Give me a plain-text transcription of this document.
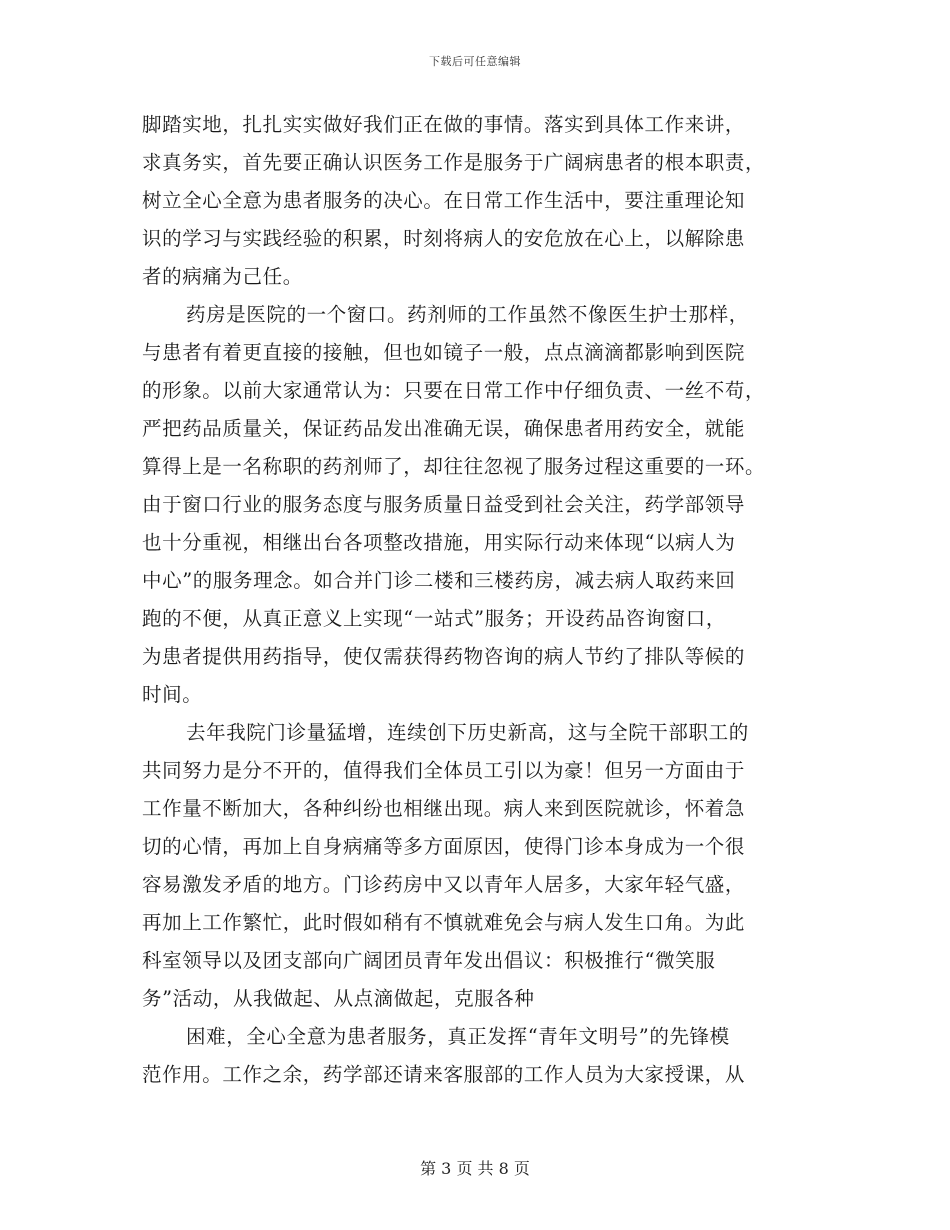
下载后可任意编辑
脚踏实地，扎扎实实做好我们正在做的事情。落实到具体工作来讲，
求真务实，首先要正确认识医务工作是服务于广阔病患者的根本职责，
树立全心全意为患者服务的决心。在日常工作生活中，要注重理论知
识的学习与实践经验的积累，时刻将病人的安危放在心上，以解除患
者的病痛为己任。
药房是医院的一个窗口。药剂师的工作虽然不像医生护士那样，
与患者有着更直接的接触，但也如镜子一般，点点滴滴都影响到医院
的形象。以前大家通常认为：只要在日常工作中仔细负责、一丝不苟，
严把药品质量关，保证药品发出准确无误，确保患者用药安全，就能
算得上是一名称职的药剂师了，却往往忽视了服务过程这重要的一环。
由于窗口行业的服务态度与服务质量日益受到社会关注，药学部领导
也十分重视，相继出台各项整改措施，用实际行动来体现“以病人为
中心”的服务理念。如合并门诊二楼和三楼药房，减去病人取药来回
跑的不便，从真正意义上实现“一站式”服务；开设药品咨询窗口，
为患者提供用药指导，使仅需获得药物咨询的病人节约了排队等候的
时间。
去年我院门诊量猛增，连续创下历史新高，这与全院干部职工的
共同努力是分不开的，值得我们全体员工引以为豪！但另一方面由于
工作量不断加大，各种纠纷也相继出现。病人来到医院就诊，怀着急
切的心情，再加上自身病痛等多方面原因，使得门诊本身成为一个很
容易激发矛盾的地方。门诊药房中又以青年人居多，大家年轻气盛，
再加上工作繁忙，此时假如稍有不慎就难免会与病人发生口角。为此
科室领导以及团支部向广阔团员青年发出倡议：积极推行“微笑服
务”活动，从我做起、从点滴做起，克服各种
困难，全心全意为患者服务，真正发挥“青年文明号”的先锋模
范作用。工作之余，药学部还请来客服部的工作人员为大家授课，从
第 3 页 共 8 页
